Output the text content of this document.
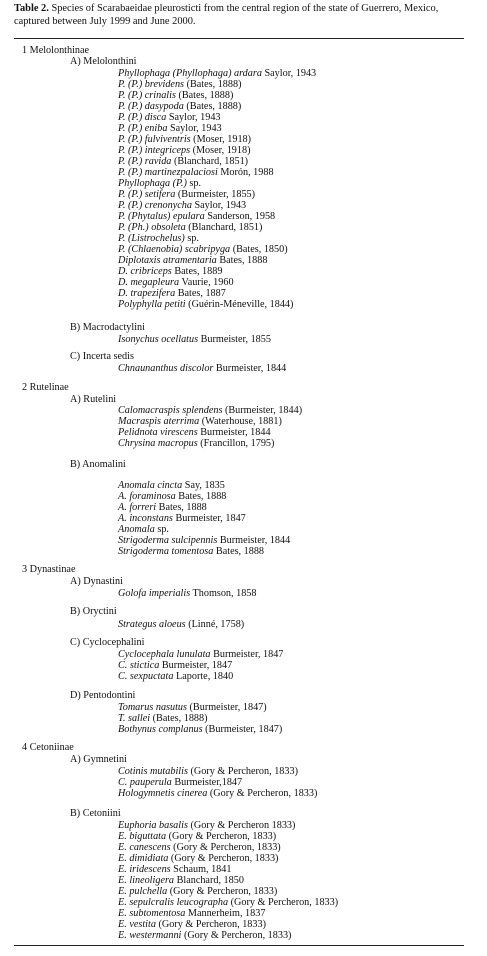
Table 2. Species of Scarabaeidae pleurosticti from the central region of the state of Guerrero, Mexico, captured between July 1999 and June 2000.
1 Melolonthinae
A) Melolonthini
Phyllophaga (Phyllophaga) ardara Saylor, 1943
P. (P.) brevidens (Bates, 1888)
P. (P.) crinalis (Bates, 1888)
P. (P.) dasypoda (Bates, 1888)
P. (P.) disca Saylor, 1943
P. (P.) eniba Saylor, 1943
P. (P.) fulviventris (Moser, 1918)
P. (P.) integriceps (Moser, 1918)
P. (P.) ravida (Blanchard, 1851)
P. (P.) martinezpalaciosi Morón, 1988
Phyllophaga (P.) sp.
P. (P.) setifera (Burmeister, 1855)
P. (P.) crenonycha Saylor, 1943
P. (Phytalus) epulara Sanderson, 1958
P. (Ph.) obsoleta (Blanchard, 1851)
P. (Listrochelus) sp.
P. (Chlaenobia) scabripyga (Bates, 1850)
Diplotaxis atramentaria Bates, 1888
D. cribriceps Bates, 1889
D. megapleura Vaurie, 1960
D. trapezifera Bates, 1887
Polyphylla petiti (Guérin-Méneville, 1844)
B) Macrodactylini
Isonychus ocellatus Burmeister, 1855
C) Incerta sedis
Chnaunanthus discolor Burmeister, 1844
2 Rutelinae
A) Rutelini
Calomacraspis splendens (Burmeister, 1844)
Macraspis aterrima (Waterhouse, 1881)
Pelidnota virescens Burmeister, 1844
Chrysina macropus (Francillon, 1795)
B) Anomalini
Anomala cincta Say, 1835
A. foraminosa Bates, 1888
A. forreri Bates, 1888
A. inconstans Burmeister, 1847
Anomala sp.
Strigoderma sulcipennis Burmeister, 1844
Strigoderma tomentosa Bates, 1888
3 Dynastinae
A) Dynastini
Golofa imperialis Thomson, 1858
B) Oryctini
Strategus aloeus (Linné, 1758)
C) Cyclocephalini
Cyclocephala lunulata Burmeister, 1847
C. stictica Burmeister, 1847
C. sexpuctata Laporte, 1840
D) Pentodontini
Tomarus nasutus (Burmeister, 1847)
T. sallei (Bates, 1888)
Bothynus complanus (Burmeister, 1847)
4 Cetoniinae
A) Gymnetini
Cotinis mutabilis (Gory & Percheron, 1833)
C. pauperula Burmeister,1847
Hologymnetis cinerea (Gory & Percheron, 1833)
B) Cetoniini
Euphoria basalis (Gory & Percheron 1833)
E. biguttata (Gory & Percheron, 1833)
E. canescens (Gory & Percheron, 1833)
E. dimidiata (Gory & Percheron, 1833)
E. iridescens Schaum, 1841
E. lineoligera Blanchard, 1850
E. pulchella (Gory & Percheron, 1833)
E. sepulcralis leucographa (Gory & Percheron, 1833)
E. subtomentosa Mannerheim, 1837
E. vestita (Gory & Percheron, 1833)
E. westermanni (Gory & Percheron, 1833)
